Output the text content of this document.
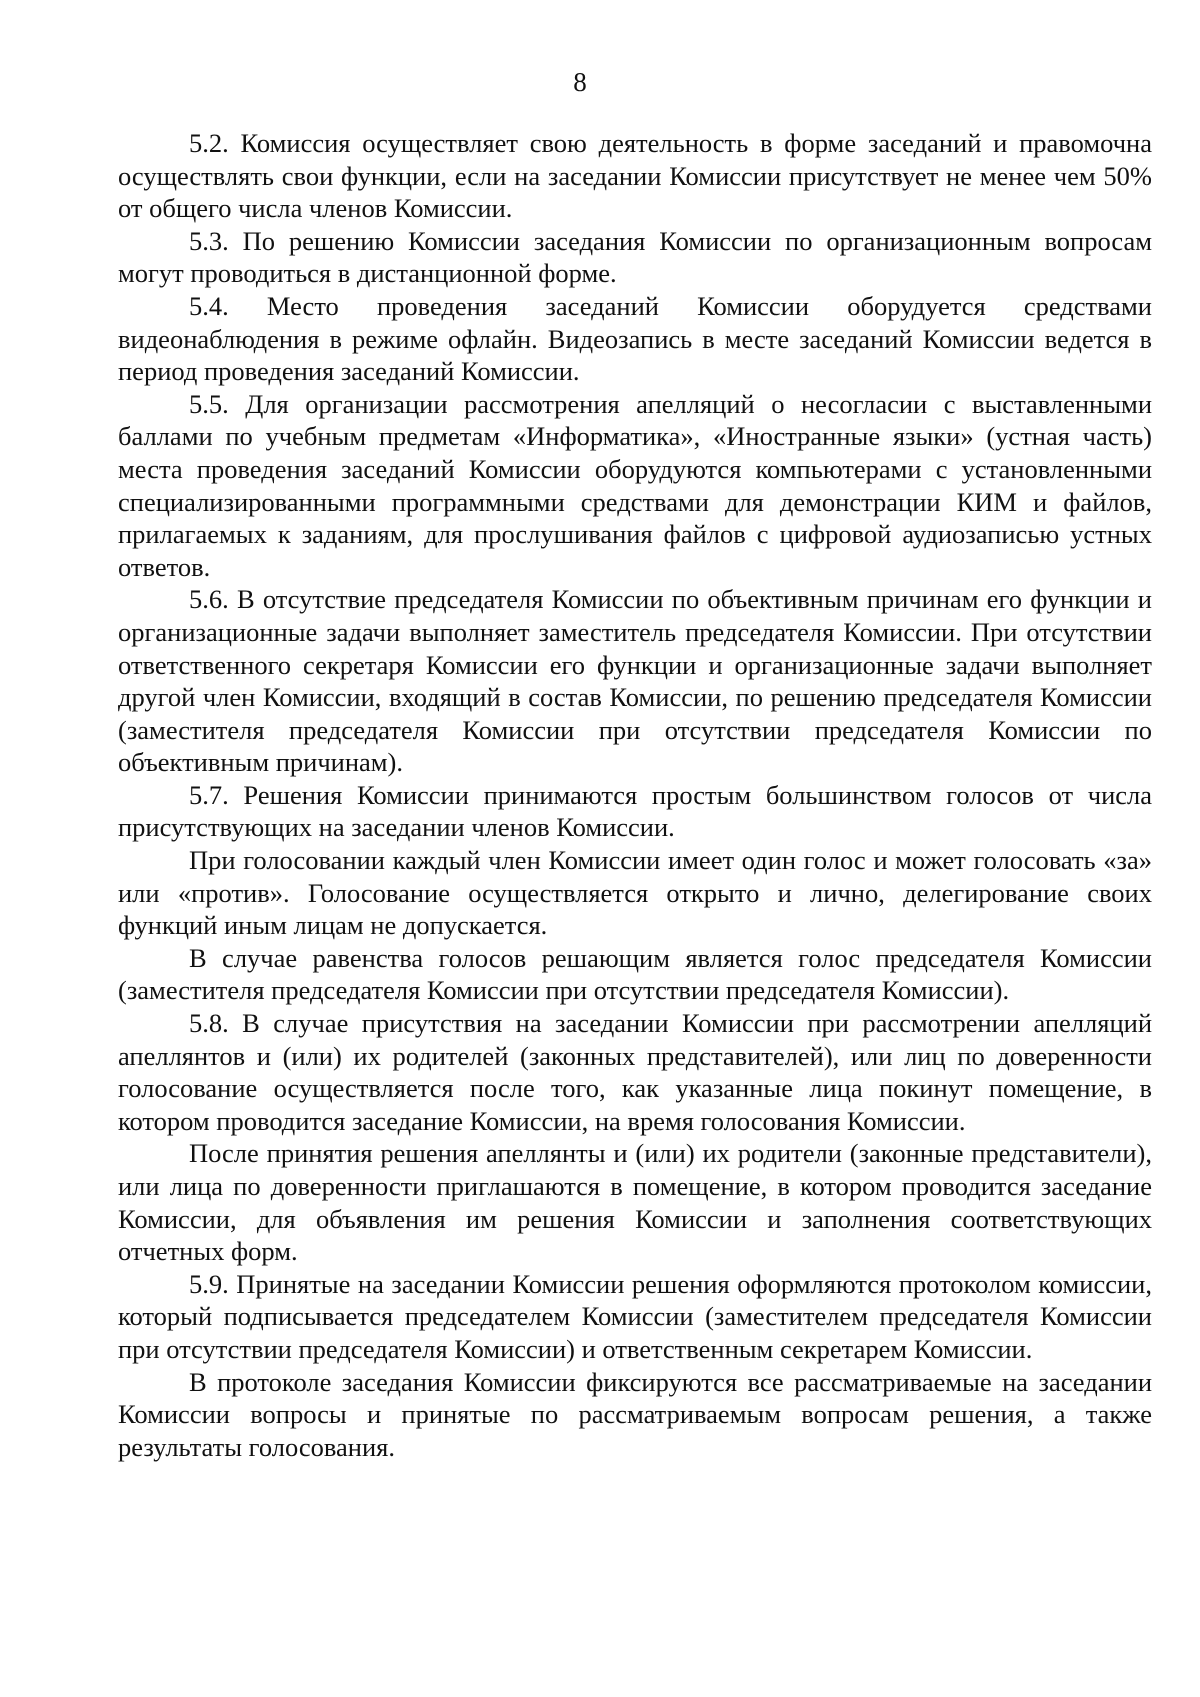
8

5.2. Комиссия осуществляет свою деятельность в форме заседаний и правомочна осуществлять свои функции, если на заседании Комиссии присутствует не менее чем 50% от общего числа членов Комиссии.

5.3. По решению Комиссии заседания Комиссии по организационным вопросам могут проводиться в дистанционной форме.

5.4. Место проведения заседаний Комиссии оборудуется средствами видеонаблюдения в режиме офлайн. Видеозапись в месте заседаний Комиссии ведется в период проведения заседаний Комиссии.

5.5. Для организации рассмотрения апелляций о несогласии с выставленными баллами по учебным предметам «Информатика», «Иностранные языки» (устная часть) места проведения заседаний Комиссии оборудуются компьютерами с установленными специализированными программными средствами для демонстрации КИМ и файлов, прилагаемых к заданиям, для прослушивания файлов с цифровой аудиозаписью устных ответов.

5.6. В отсутствие председателя Комиссии по объективным причинам его функции и организационные задачи выполняет заместитель председателя Комиссии. При отсутствии ответственного секретаря Комиссии его функции и организационные задачи выполняет другой член Комиссии, входящий в состав Комиссии, по решению председателя Комиссии (заместителя председателя Комиссии при отсутствии председателя Комиссии по объективным причинам).

5.7. Решения Комиссии принимаются простым большинством голосов от числа присутствующих на заседании членов Комиссии.

При голосовании каждый член Комиссии имеет один голос и может голосовать «за» или «против». Голосование осуществляется открыто и лично, делегирование своих функций иным лицам не допускается.

В случае равенства голосов решающим является голос председателя Комиссии (заместителя председателя Комиссии при отсутствии председателя Комиссии).

5.8. В случае присутствия на заседании Комиссии при рассмотрении апелляций апеллянтов и (или) их родителей (законных представителей), или лиц по доверенности голосование осуществляется после того, как указанные лица покинут помещение, в котором проводится заседание Комиссии, на время голосования Комиссии.

После принятия решения апеллянты и (или) их родители (законные представители), или лица по доверенности приглашаются в помещение, в котором проводится заседание Комиссии, для объявления им решения Комиссии и заполнения соответствующих отчетных форм.

5.9. Принятые на заседании Комиссии решения оформляются протоколом комиссии, который подписывается председателем Комиссии (заместителем председателя Комиссии при отсутствии председателя Комиссии) и ответственным секретарем Комиссии.

В протоколе заседания Комиссии фиксируются все рассматриваемые на заседании Комиссии вопросы и принятые по рассматриваемым вопросам решения, а также результаты голосования.
